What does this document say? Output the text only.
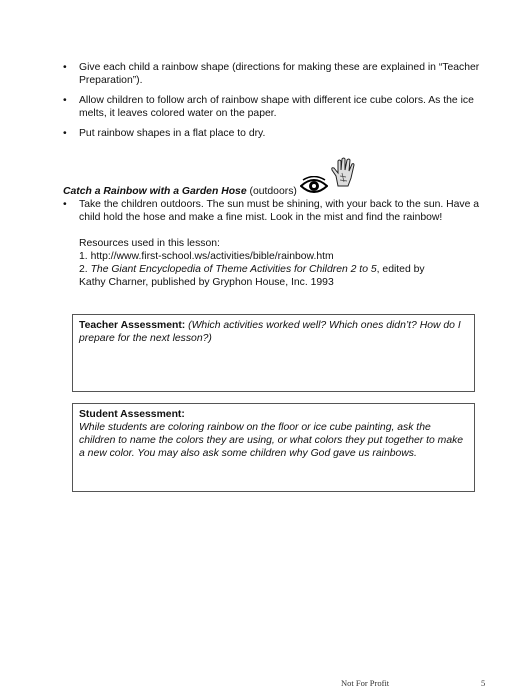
• Give each child a rainbow shape (directions for making these are explained in “Teacher Preparation”).
• Allow children to follow arch of rainbow shape with different ice cube colors. As the ice melts, it leaves colored water on the paper.
• Put rainbow shapes in a flat place to dry.
Catch a Rainbow with a Garden Hose (outdoors)
• Take the children outdoors. The sun must be shining, with your back to the sun. Have a child hold the hose and make a fine mist. Look in the mist and find the rainbow!
Resources used in this lesson:
1. http://www.first-school.ws/activities/bible/rainbow.htm
2. The Giant Encyclopedia of Theme Activities for Children 2 to 5, edited by
Kathy Charner, published by Gryphon House, Inc. 1993
Teacher Assessment: (Which activities worked well? Which ones didn’t? How do I prepare for the next lesson?)
Student Assessment:
While students are coloring rainbow on the floor or ice cube painting, ask the children to name the colors they are using, or what colors they put together to make a new color. You may also ask some children why God gave us rainbows.
Not For Profit	5
